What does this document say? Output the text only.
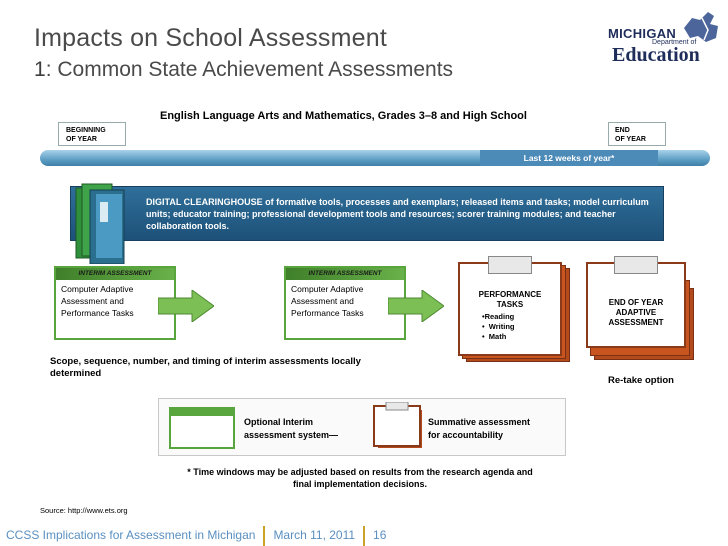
Impacts on School Assessment
1: Common State Achievement Assessments
MICHIGAN
Department of
Education
English Language Arts and Mathematics, Grades 3–8 and High School
BEGINNING
OF YEAR
END
OF YEAR
Last 12 weeks of year*
DIGITAL CLEARINGHOUSE of formative tools, processes and exemplars; released items and tasks; model curriculum units; educator training; professional development tools and resources; scorer training modules; and teacher collaboration tools.
INTERIM ASSESSMENT
Computer Adaptive
Assessment and
Performance Tasks
INTERIM ASSESSMENT
Computer Adaptive
Assessment and
Performance Tasks
PERFORMANCE
TASKS
•Reading
•  Writing
•  Math
END OF YEAR
ADAPTIVE
ASSESSMENT
Scope, sequence, number, and timing of interim assessments locally
determined
Re-take option
Optional Interim
assessment system—
Summative assessment
for accountability
* Time windows may be adjusted based on results from the research agenda and
final implementation decisions.
Source: http://www.ets.org
CCSS Implications for Assessment in Michigan March 11, 2011 16
